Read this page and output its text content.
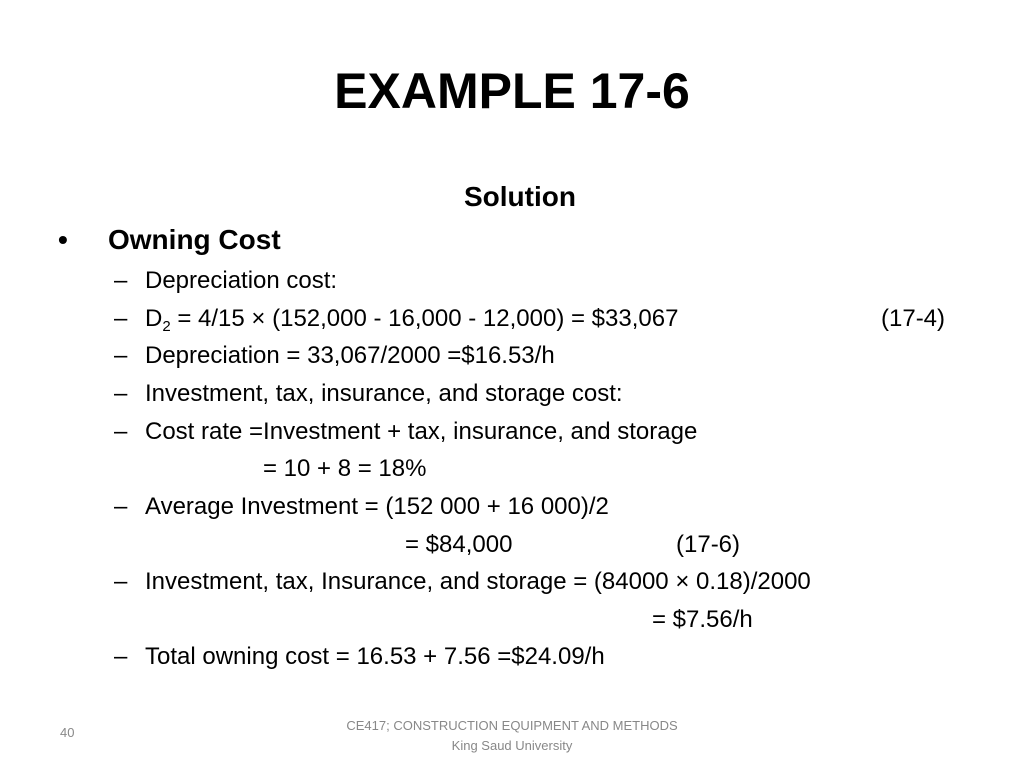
EXAMPLE 17-6
Solution
• Owning Cost
– Depreciation cost:
– $D_2 = 4/15 \times (152,000 - 16,000 - 12,000)$ = $33,067	(17-4)
– Depreciation = 33,067/2000 =$16.53/h
– Investment, tax, insurance, and storage cost:
– Cost rate =Investment + tax, insurance, and storage
= 10 + 8 = 18%
– Average Investment = (152 000 + 16 000)/2
= $84,000	(17-6)
– Investment, tax, Insurance, and storage = (84000 × 0.18)/2000
= $7.56/h
– Total owning cost = 16.53 + 7.56 =$24.09/h
40	CE417; CONSTRUCTION EQUIPMENT AND METHODS
King Saud University
